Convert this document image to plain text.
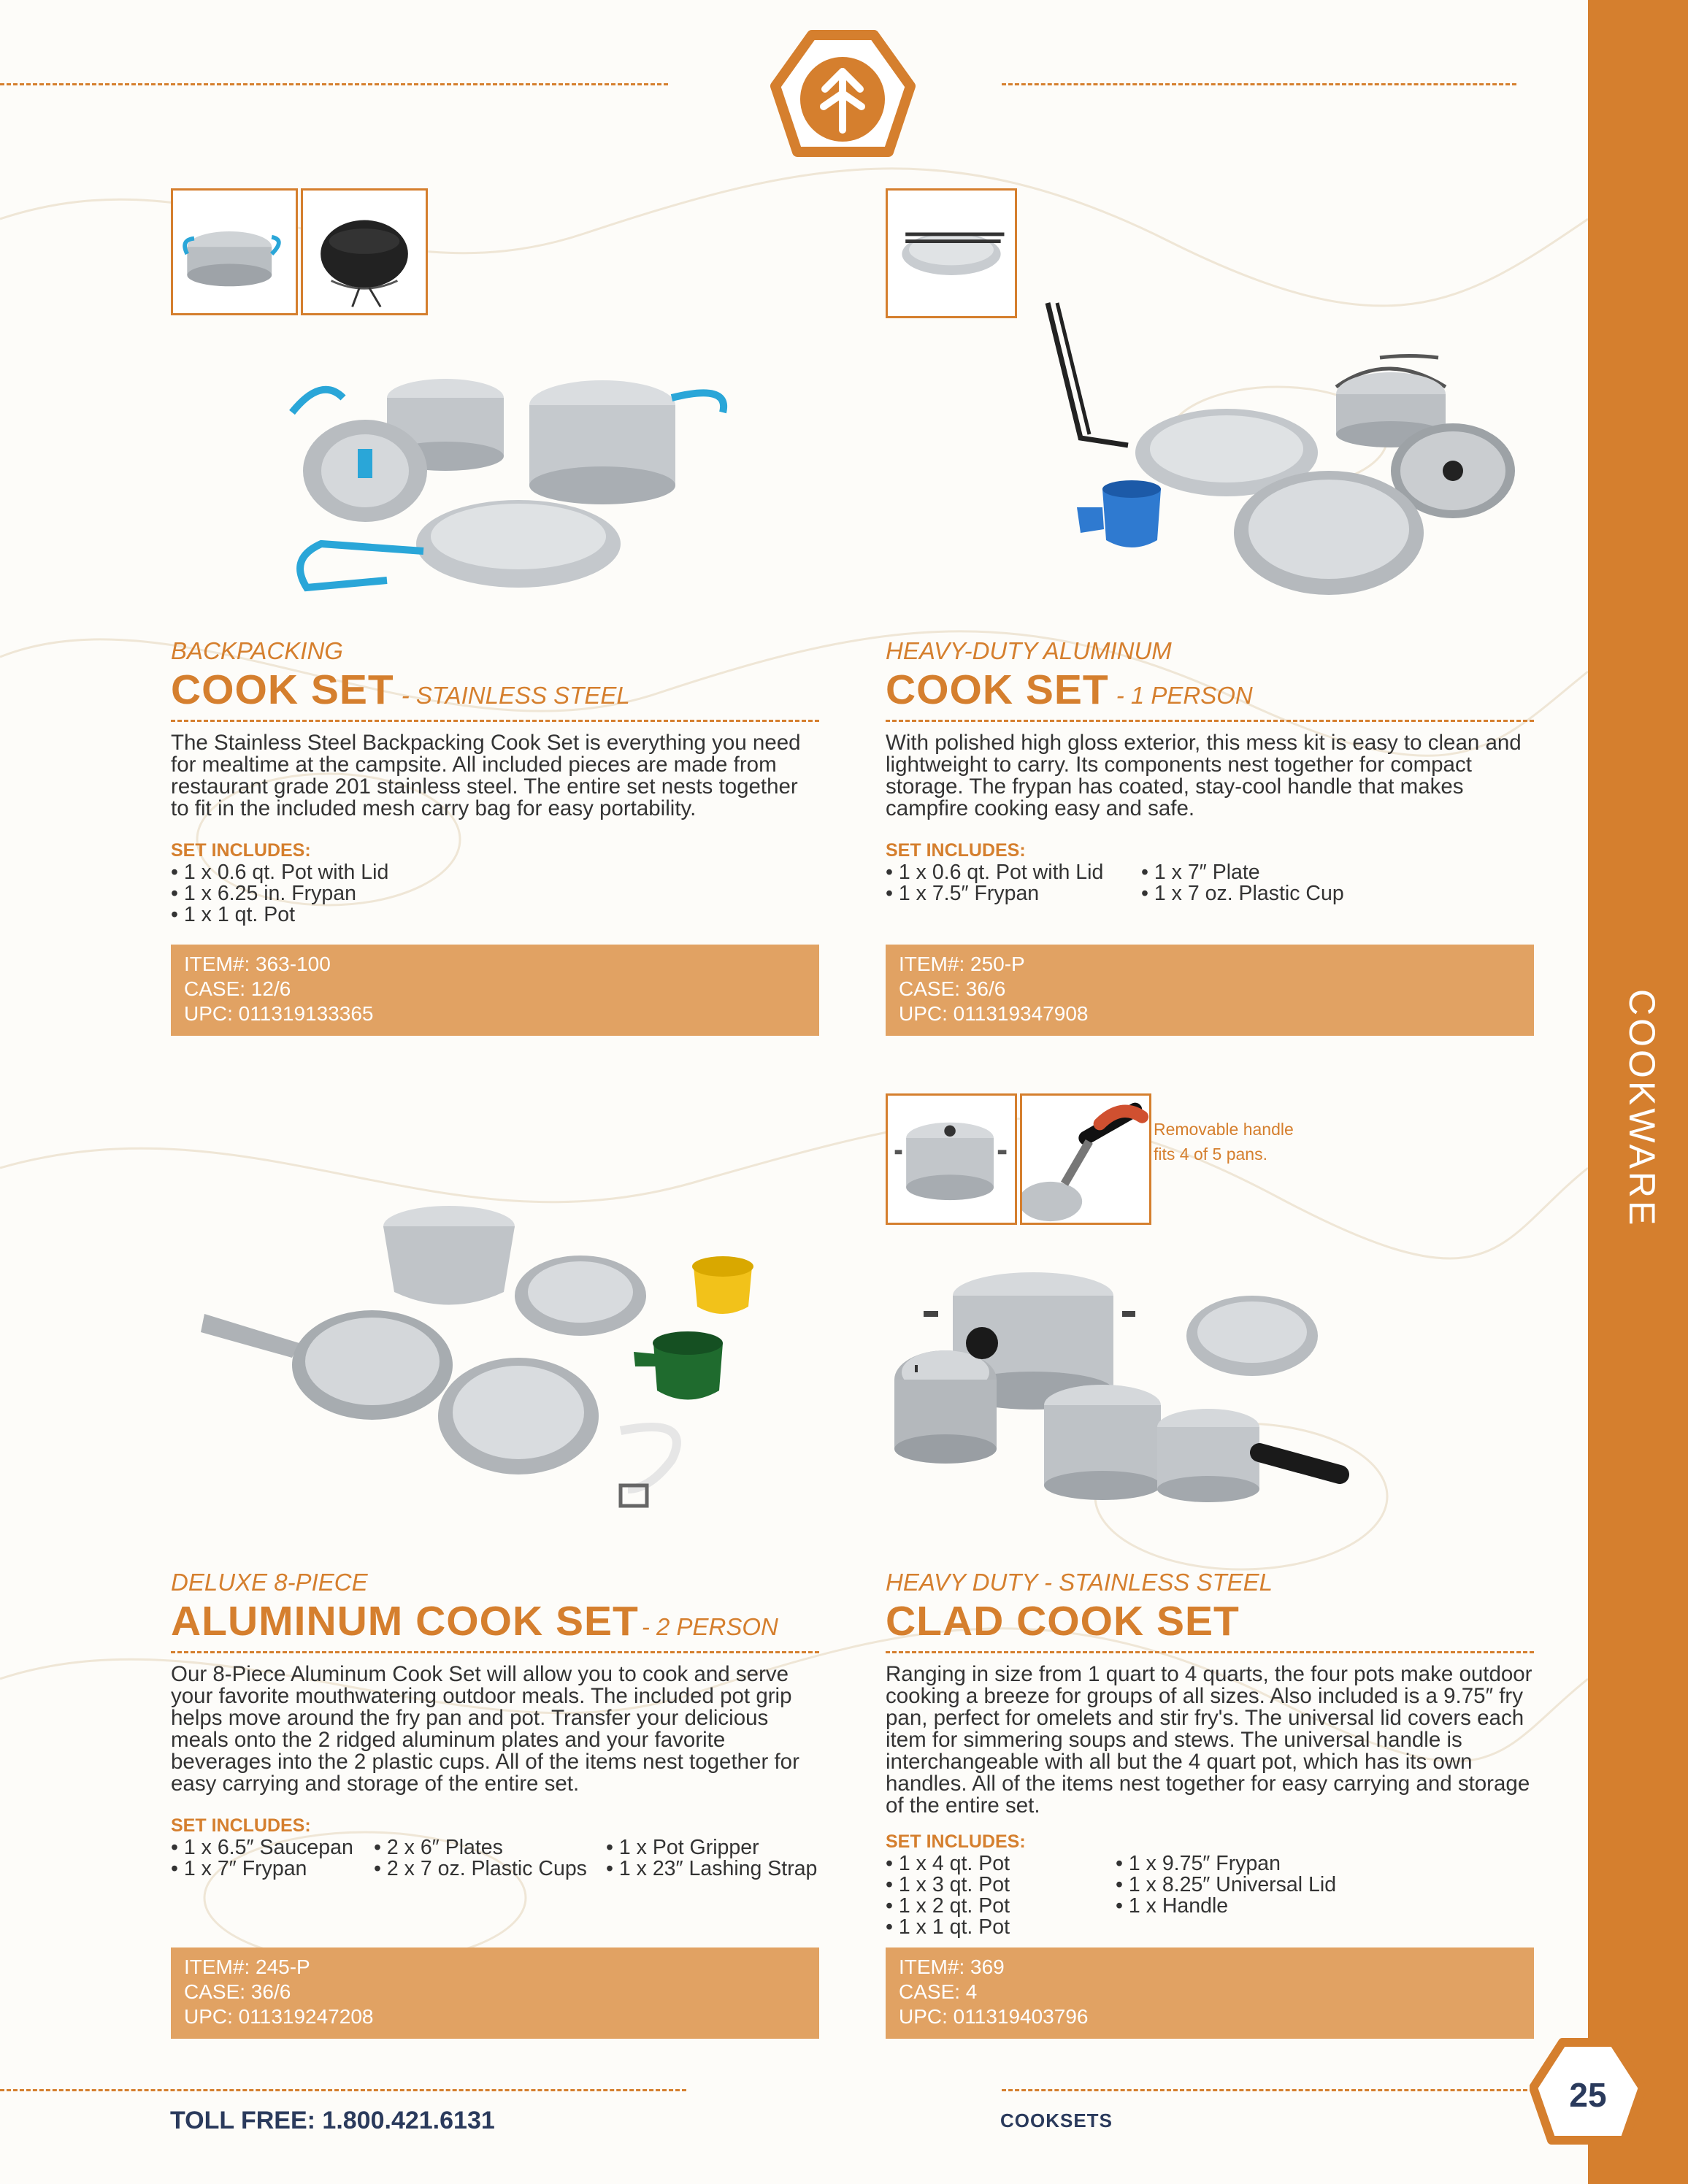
COOKWARE

BACKPACKING

COOK SET - STAINLESS STEEL
The Stainless Steel Backpacking Cook Set is everything you need for mealtime at the campsite. All included pieces are made from restaurant grade 201 stainless steel. The entire set nests together to fit in the included mesh carry bag for easy portability.
SET INCLUDES:
• 1 x 0.6 qt. Pot with Lid
• 1 x 6.25 in. Frypan
• 1 x 1 qt. Pot
ITEM#: 363-100
CASE: 12/6
UPC: 011319133365

HEAVY-DUTY ALUMINUM

COOK SET - 1 PERSON
With polished high gloss exterior, this mess kit is easy to clean and lightweight to carry. Its components nest together for compact storage. The frypan has coated, stay-cool handle that makes campfire cooking easy and safe.
SET INCLUDES:
• 1 x 0.6 qt. Pot with Lid	• 1 x 7″ Plate
• 1 x 7.5″ Frypan	• 1 x 7 oz. Plastic Cup
ITEM#: 250-P
CASE: 36/6
UPC: 011319347908

DELUXE 8-PIECE

ALUMINUM COOK SET - 2 PERSON
Our 8-Piece Aluminum Cook Set will allow you to cook and serve your favorite mouthwatering outdoor meals. The included pot grip helps move around the fry pan and pot. Transfer your delicious meals onto the 2 ridged aluminum plates and your favorite beverages into the 2 plastic cups. All of the items nest together for easy carrying and storage of the entire set.
SET INCLUDES:
• 1 x 6.5″ Saucepan • 2 x 6″ Plates	• 1 x Pot Gripper
• 1 x 7″ Frypan	• 2 x 7 oz. Plastic Cups • 1 x 23″ Lashing Strap
ITEM#: 245-P
CASE: 36/6
UPC: 011319247208
Removable handle
fits 4 of 5 pans.

HEAVY DUTY - STAINLESS STEEL

CLAD COOK SET
Ranging in size from 1 quart to 4 quarts, the four pots make outdoor cooking a breeze for groups of all sizes. Also included is a 9.75″ fry pan, perfect for omelets and stir fry's. The universal lid covers each item for simmering soups and stews. The universal handle is interchangeable with all but the 4 quart pot, which has its own handles. All of the items nest together for easy carrying and storage of the entire set.
SET INCLUDES:
• 1 x 4 qt. Pot	• 1 x 9.75″ Frypan
• 1 x 3 qt. Pot	• 1 x 8.25″ Universal Lid
• 1 x 2 qt. Pot	• 1 x Handle
• 1 x 1 qt. Pot
ITEM#: 369
CASE: 4
UPC: 011319403796
TOLL FREE: 1.800.421.6131	COOKSETS
25
